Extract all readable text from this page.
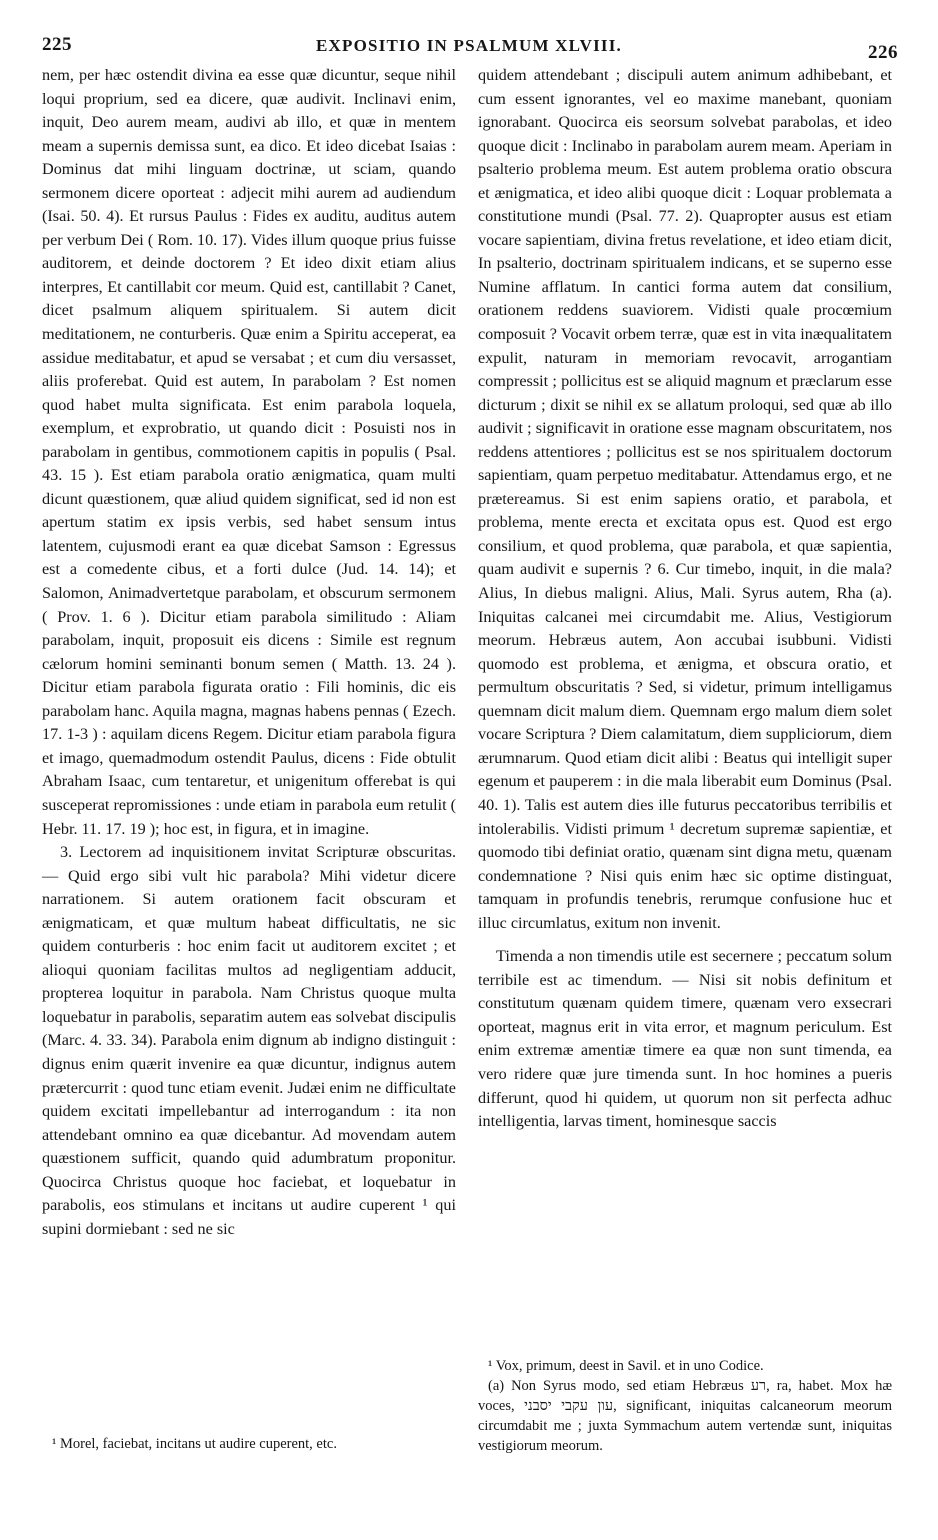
225	EXPOSITIO IN PSALMUM XLVIII.	226

nem, per hæc ostendit divina ea esse quæ dicuntur, seque nihil loqui proprium, sed ea dicere, quæ audivit. Inclinavi enim, inquit, Deo aurem meam, audivi ab illo, et quæ in mentem meam a supernis demissa sunt, ea dico. Et ideo dicebat Isaias : Dominus dat mihi linguam doctrinæ, ut sciam, quando sermonem dicere oporteat : adjecit mihi aurem ad audiendum (Isai. 50. 4). Et rursus Paulus : Fides ex auditu, auditus autem per verbum Dei ( Rom. 10. 17). Vides illum quoque prius fuisse auditorem, et deinde doctorem ? Et ideo dixit etiam alius interpres, Et cantillabit cor meum. Quid est, cantillabit ? Canet, dicet psalmum aliquem spiritualem. Si autem dicit meditationem, ne conturberis. Quæ enim a Spiritu acceperat, ea assidue meditabatur, et apud se versabat ; et cum diu versasset, aliis proferebat. Quid est autem, In parabolam ? Est nomen quod habet multa significata. Est enim parabola loquela, exemplum, et exprobratio, ut quando dicit : Posuisti nos in parabolam in gentibus, commotionem capitis in populis ( Psal. 43. 15 ). Est etiam parabola oratio ænigmatica, quam multi dicunt quæstionem, quæ aliud quidem significat, sed id non est apertum statim ex ipsis verbis, sed habet sensum intus latentem, cujusmodi erant ea quæ dicebat Samson : Egressus est a comedente cibus, et a forti dulce (Jud. 14. 14); et Salomon, Animadvertetque parabolam, et obscurum sermonem ( Prov. 1. 6 ). Dicitur etiam parabola similitudo : Aliam parabolam, inquit, proposuit eis dicens : Simile est regnum cælorum homini seminanti bonum semen ( Matth. 13. 24 ). Dicitur etiam parabola figurata oratio : Fili hominis, dic eis parabolam hanc. Aquila magna, magnas habens pennas ( Ezech. 17. 1-3 ) : aquilam dicens Regem. Dicitur etiam parabola figura et imago, quemadmodum ostendit Paulus, dicens : Fide obtulit Abraham Isaac, cum tentaretur, et unigenitum offerebat is qui susceperat repromissiones : unde etiam in parabola eum retulit ( Hebr. 11. 17. 19 ); hoc est, in figura, et in imagine.

3. Lectorem ad inquisitionem invitat Scripturæ obscuritas. — Quid ergo sibi vult hic parabola? Mihi videtur dicere narrationem. Si autem orationem facit obscuram et ænigmaticam, et quæ multum habeat difficultatis, ne sic quidem conturberis : hoc enim facit ut auditorem excitet ; et alioqui quoniam facilitas multos ad negligentiam adducit, propterea loquitur in parabola. Nam Christus quoque multa loquebatur in parabolis, separatim autem eas solvebat discipulis (Marc. 4. 33. 34). Parabola enim dignum ab indigno distinguit : dignus enim quærit invenire ea quæ dicuntur, indignus autem prætercurrit : quod tunc etiam evenit. Judæi enim ne difficultate quidem excitati impellebantur ad interrogandum : ita non attendebant omnino ea quæ dicebantur. Ad movendam autem quæstionem sufficit, quando quid adumbratum proponitur. Quocirca Christus quoque hoc faciebat, et loquebatur in parabolis, eos stimulans et incitans ut audire cuperent ¹ qui supini dormiebant : sed ne sic

¹ Morel, faciebat, incitans ut audire cuperent, etc.

quidem attendebant ; discipuli autem animum adhibebant, et cum essent ignorantes, vel eo maxime manebant, quoniam ignorabant. Quocirca eis seorsum solvebat parabolas, et ideo quoque dicit : Inclinabo in parabolam aurem meam. Aperiam in psalterio problema meum. Est autem problema oratio obscura et ænigmatica, et ideo alibi quoque dicit : Loquar problemata a constitutione mundi (Psal. 77. 2). Quapropter ausus est etiam vocare sapientiam, divina fretus revelatione, et ideo etiam dicit, In psalterio, doctrinam spiritualem indicans, et se superno esse Numine afflatum. In cantici forma autem dat consilium, orationem reddens suaviorem. Vidisti quale procœmium composuit ? Vocavit orbem terræ, quæ est in vita inæqualitatem expulit, naturam in memoriam revocavit, arrogantiam compressit ; pollicitus est se aliquid magnum et præclarum esse dicturum ; dixit se nihil ex se allatum proloqui, sed quæ ab illo audivit ; significavit in oratione esse magnam obscuritatem, nos reddens attentiores ; pollicitus est se nos spiritualem doctorum sapientiam, quam perpetuo meditabatur. Attendamus ergo, et ne prætereamus. Si est enim sapiens oratio, et parabola, et problema, mente erecta et excitata opus est. Quod est ergo consilium, et quod problema, quæ parabola, et quæ sapientia, quam audivit e supernis ? 6. Cur timebo, inquit, in die mala? Alius, In diebus maligni. Alius, Mali. Syrus autem, Rha (a). Iniquitas calcanei mei circumdabit me. Alius, Vestigiorum meorum. Hebræus autem, Aon accubai isubbuni. Vidisti quomodo est problema, et ænigma, et obscura oratio, et permultum obscuritatis ? Sed, si videtur, primum intelligamus quemnam dicit malum diem. Quemnam ergo malum diem solet vocare Scriptura ? Diem calamitatum, diem suppliciorum, diem ærumnarum. Quod etiam dicit alibi : Beatus qui intelligit super egenum et pauperem : in die mala liberabit eum Dominus (Psal. 40. 1). Talis est autem dies ille futurus peccatoribus terribilis et intolerabilis. Vidisti primum ¹ decretum supremæ sapientiæ, et quomodo tibi definiat oratio, quænam sint digna metu, quænam condemnatione ? Nisi quis enim hæc sic optime distinguat, tamquam in profundis tenebris, rerumque confusione huc et illuc circumlatus, exitum non invenit.

Timenda a non timendis utile est secernere ; peccatum solum terribile est ac timendum. — Nisi sit nobis definitum et constitutum quænam quidem timere, quænam vero exsecrari oporteat, magnus erit in vita error, et magnum periculum. Est enim extremæ amentiæ timere ea quæ non sunt timenda, ea vero ridere quæ jure timenda sunt. In hoc homines a pueris differunt, quod hi quidem, ut quorum non sit perfecta adhuc intelligentia, larvas timent, hominesque saccis

¹ Vox, primum, deest in Savil. et in uno Codice.

(a) Non Syrus modo, sed etiam Hebræus רע, ra, habet. Mox hæ voces, עון עקבי יסבני, significant, iniquitas calcaneorum meorum circumdabit me ; juxta Symmachum autem vertendæ sunt, iniquitas vestigiorum meorum.
